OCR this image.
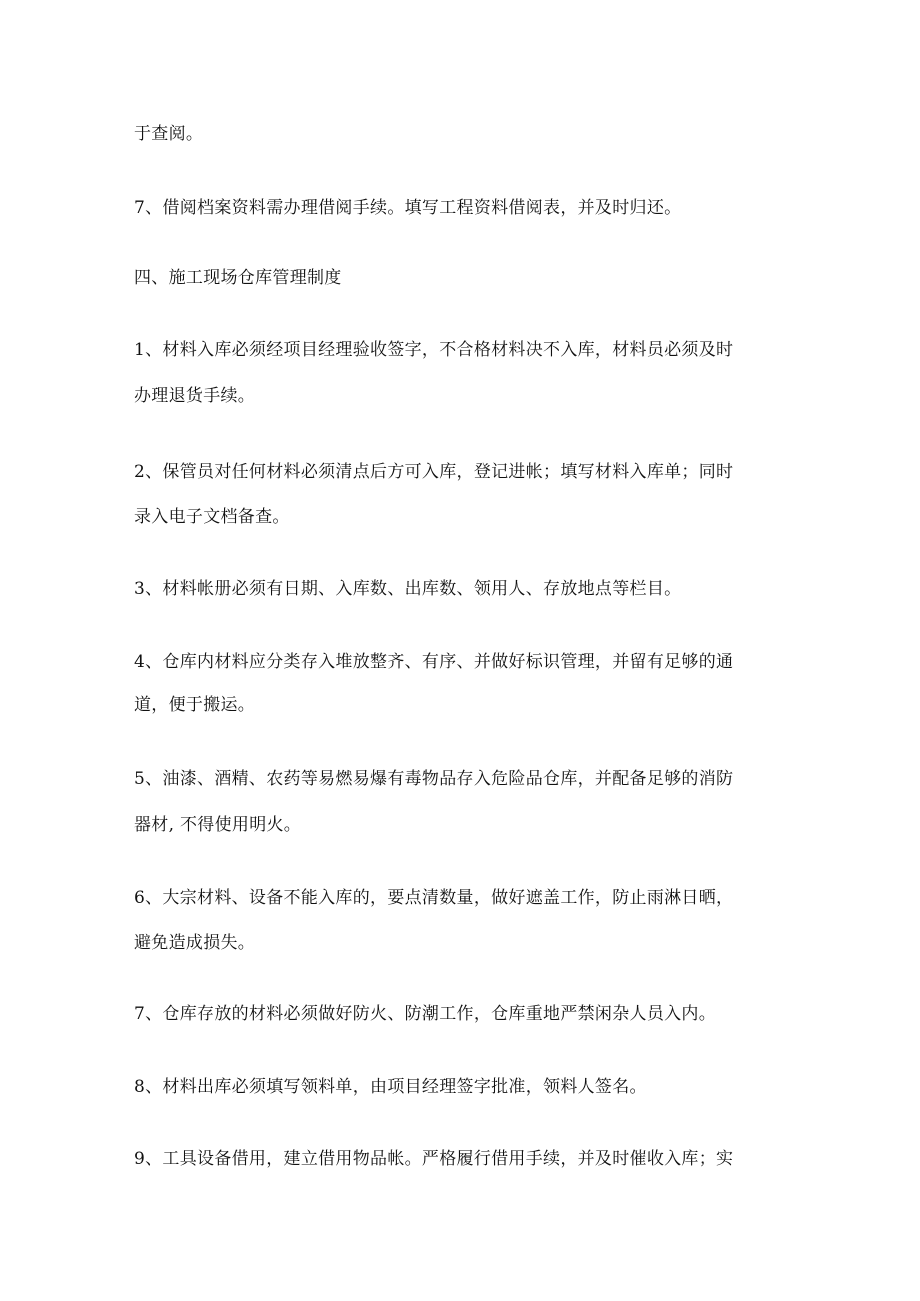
于查阅。
7、借阅档案资料需办理借阅手续。填写工程资料借阅表，并及时归还。
四、施工现场仓库管理制度
1、材料入库必须经项目经理验收签字，不合格材料决不入库，材料员必须及时
办理退货手续。
2、保管员对任何材料必须清点后方可入库，登记进帐；填写材料入库单；同时
录入电子文档备查。
3、材料帐册必须有日期、入库数、出库数、领用人、存放地点等栏目。
4、仓库内材料应分类存入堆放整齐、有序、并做好标识管理，并留有足够的通
道，便于搬运。
5、油漆、酒精、农药等易燃易爆有毒物品存入危险品仓库，并配备足够的消防
器材, 不得使用明火。
6、大宗材料、设备不能入库的，要点清数量，做好遮盖工作，防止雨淋日晒，
避免造成损失。
7、仓库存放的材料必须做好防火、防潮工作，仓库重地严禁闲杂人员入内。
8、材料出库必须填写领料单，由项目经理签字批准，领料人签名。
9、工具设备借用，建立借用物品帐。严格履行借用手续，并及时催收入库；实
